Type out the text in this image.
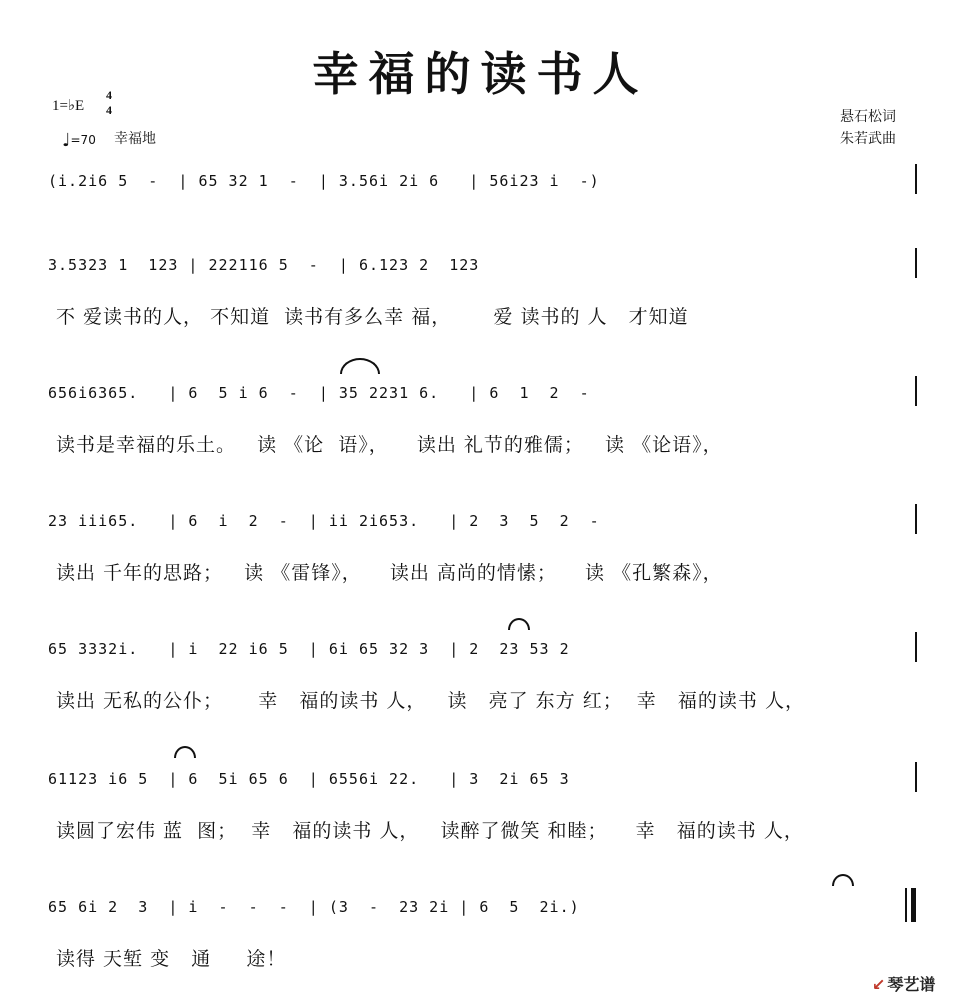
幸福的读书人
1=♭E
4
4
♩=70 幸福地
悬石松词
朱若武曲
(i.2i6 5  -  | 65 32 1  -  | 3.56i 2i 6   | 56i23 i  -)
3.5323 1  123 | 222116 5  -  | 6.123 2  123
不 爱读书的人， 不知道  读书有多么幸 福，      爱 读书的 人   才知道
656i6365.   | 6  5 i 6  -  | 35 2231 6.   | 6  1  2  -
读书是幸福的乐土。   读 《论  语》，    读出 礼节的雅儒；   读 《论语》，
23 iii65.   | 6  i  2  -  | ii 2i653.   | 2  3  5  2  -
读出 千年的思路；   读 《雷锋》，    读出 高尚的情愫；    读 《孔繁森》，
65 3332i.   | i  22 i6 5  | 6i 65 32 3  | 2  23 53 2
读出 无私的公仆；     幸   福的读书 人，   读   亮了 东方 红；  幸   福的读书 人，
61123 i6 5  | 6  5i 65 6  | 6556i 22.   | 3  2i 65 3
读圆了宏伟 蓝  图；  幸   福的读书 人，   读醉了微笑 和睦；    幸   福的读书 人，
65 6i 2  3  | i  -  -  -  | (3  -  23 2i | 6  5  2i.)
读得 天堑 变   通     途！
↙ 琴艺谱
